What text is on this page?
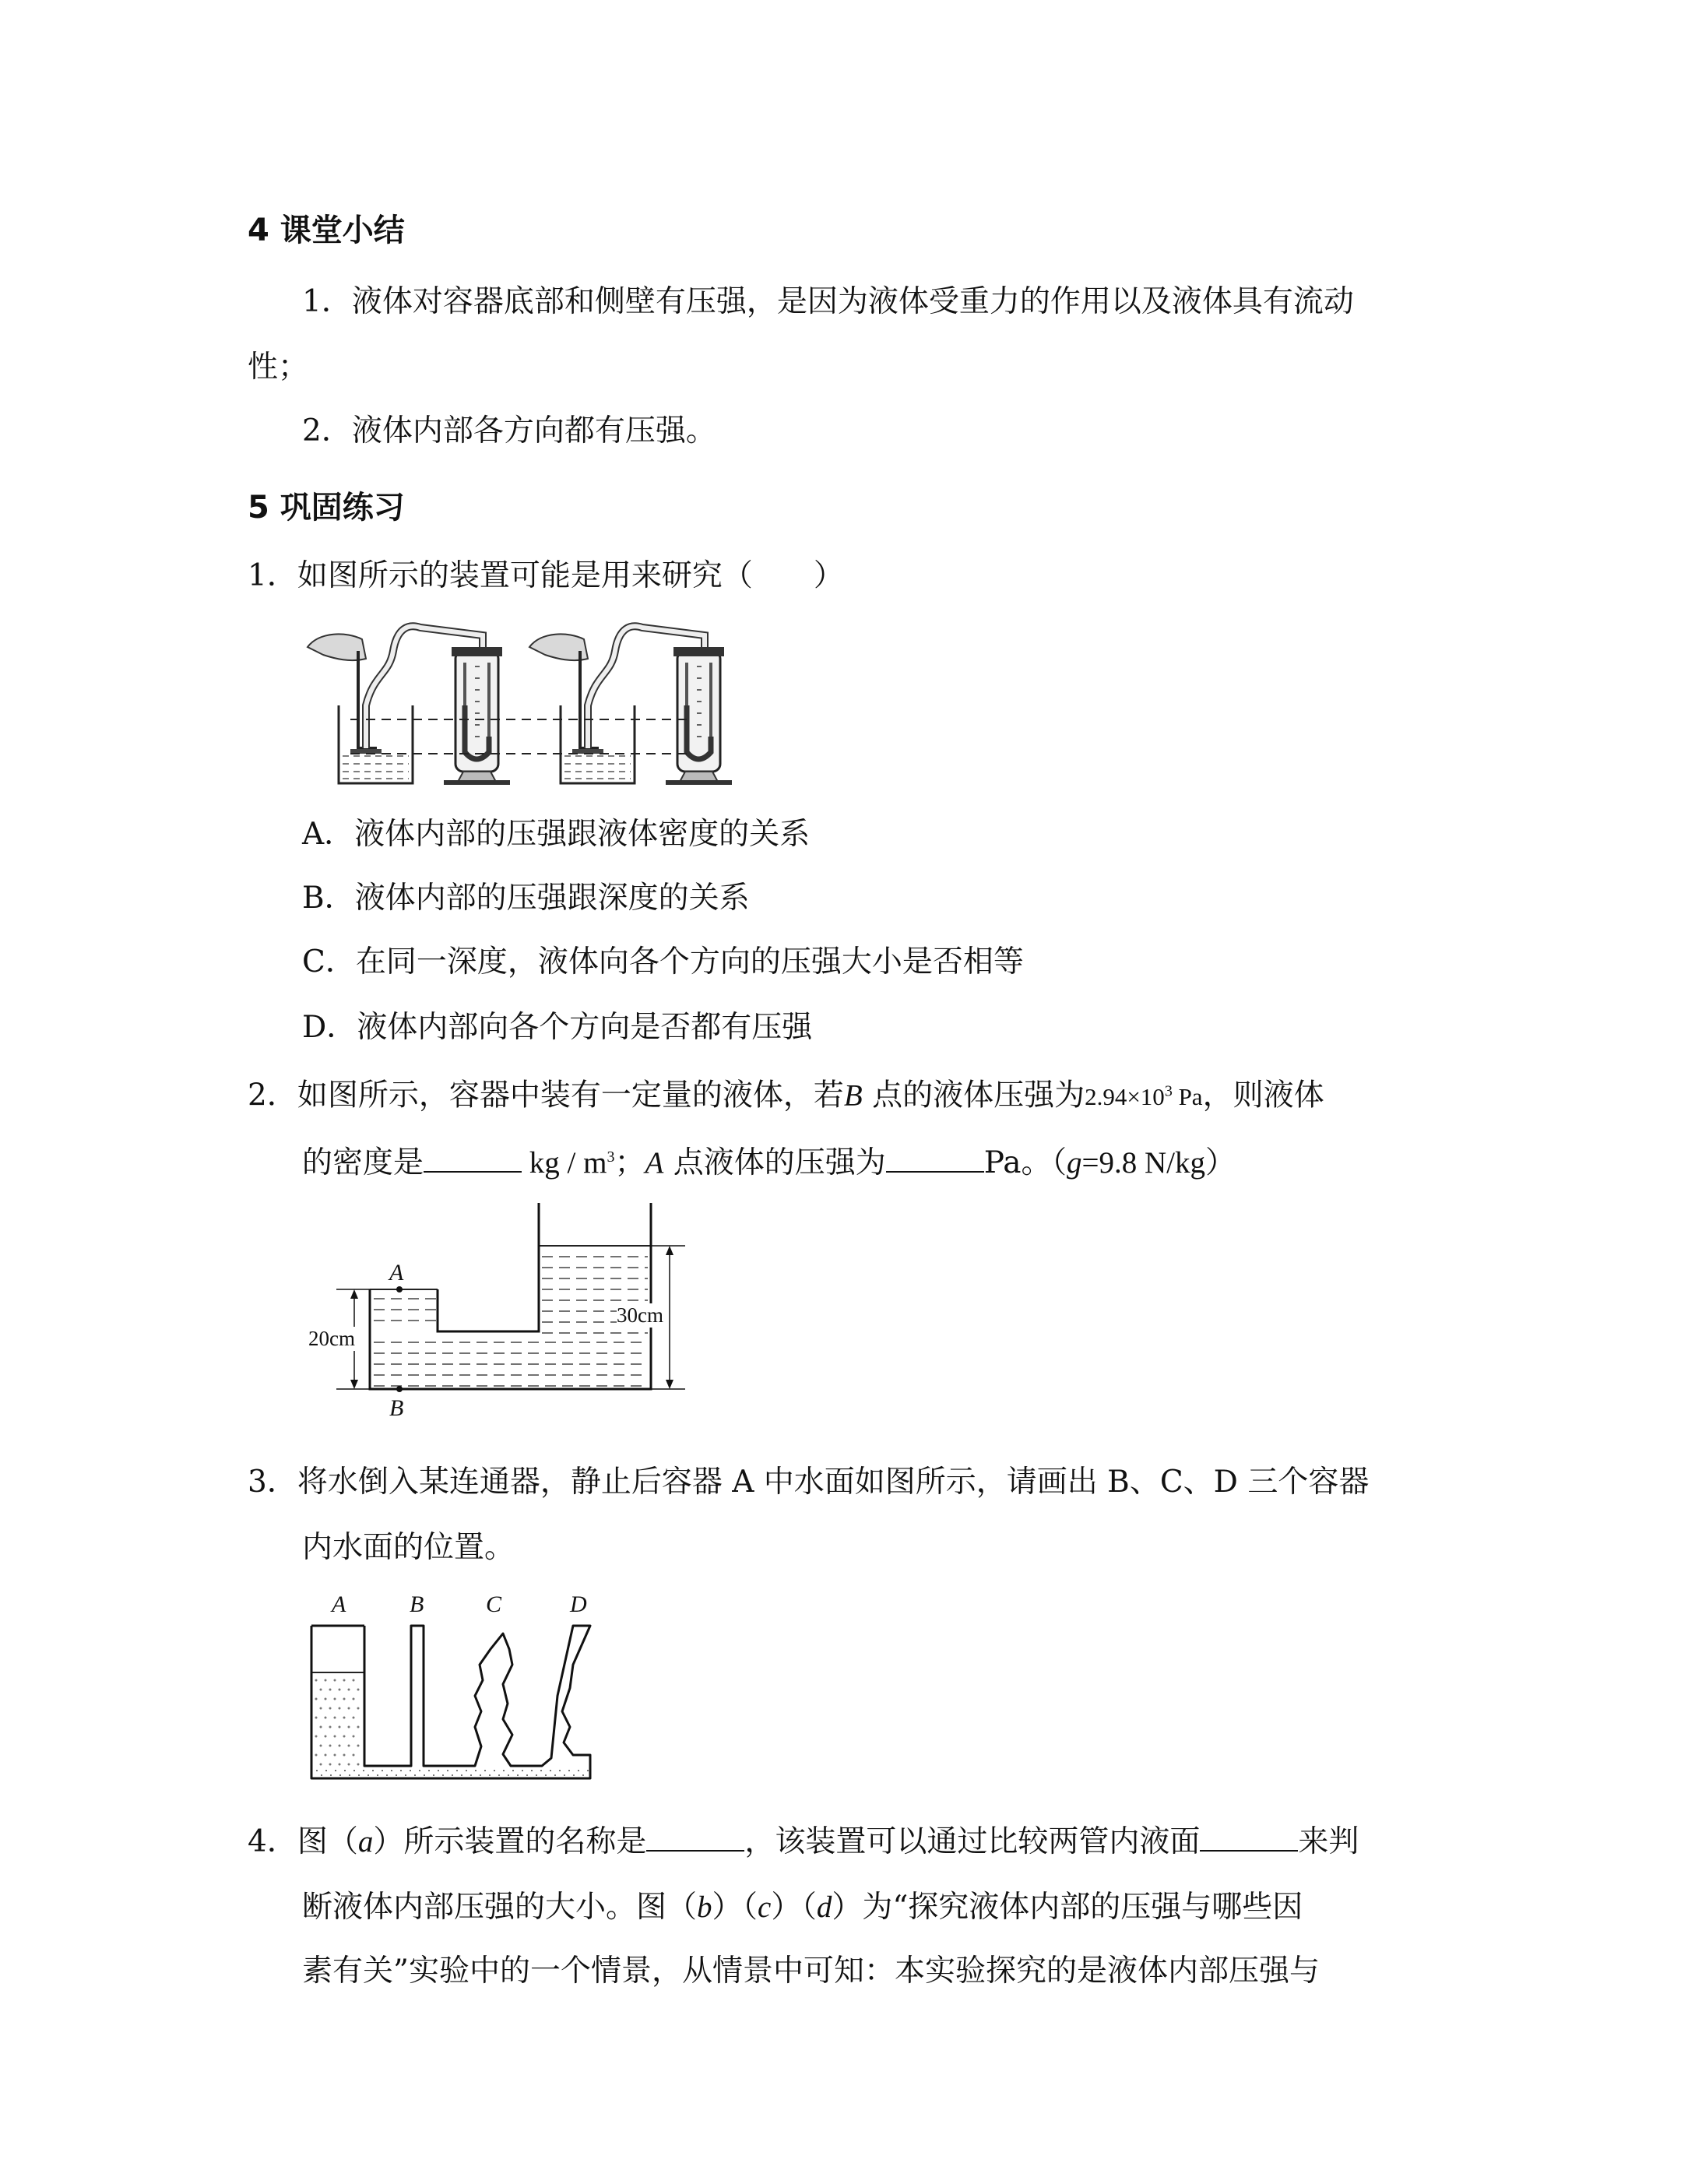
4 课堂小结
1．液体对容器底部和侧壁有压强，是因为液体受重力的作用以及液体具有流动
性；
2．液体内部各方向都有压强。
5 巩固练习
1．如图所示的装置可能是用来研究（　　）
A．液体内部的压强跟液体密度的关系
B．液体内部的压强跟深度的关系
C．在同一深度，液体向各个方向的压强大小是否相等
D．液体内部向各个方向是否都有压强
2．如图所示，容器中装有一定量的液体，若B 点的液体压强为$2.94\times 10^3$ Pa，则液体
的密度是	kg / $m^3$；A 点液体的压强为	Pa。（g=9.8 N/kg）
A
B
20cm
30cm
3．将水倒入某连通器，静止后容器 A 中水面如图所示，请画出 B、C、D 三个容器
内水面的位置。
A	B	C	D
4．图（a）所示装置的名称是	，该装置可以通过比较两管内液面	来判
断液体内部压强的大小。图（b）（c）（d）为“探究液体内部的压强与哪些因
素有关”实验中的一个情景，从情景中可知：本实验探究的是液体内部压强与
